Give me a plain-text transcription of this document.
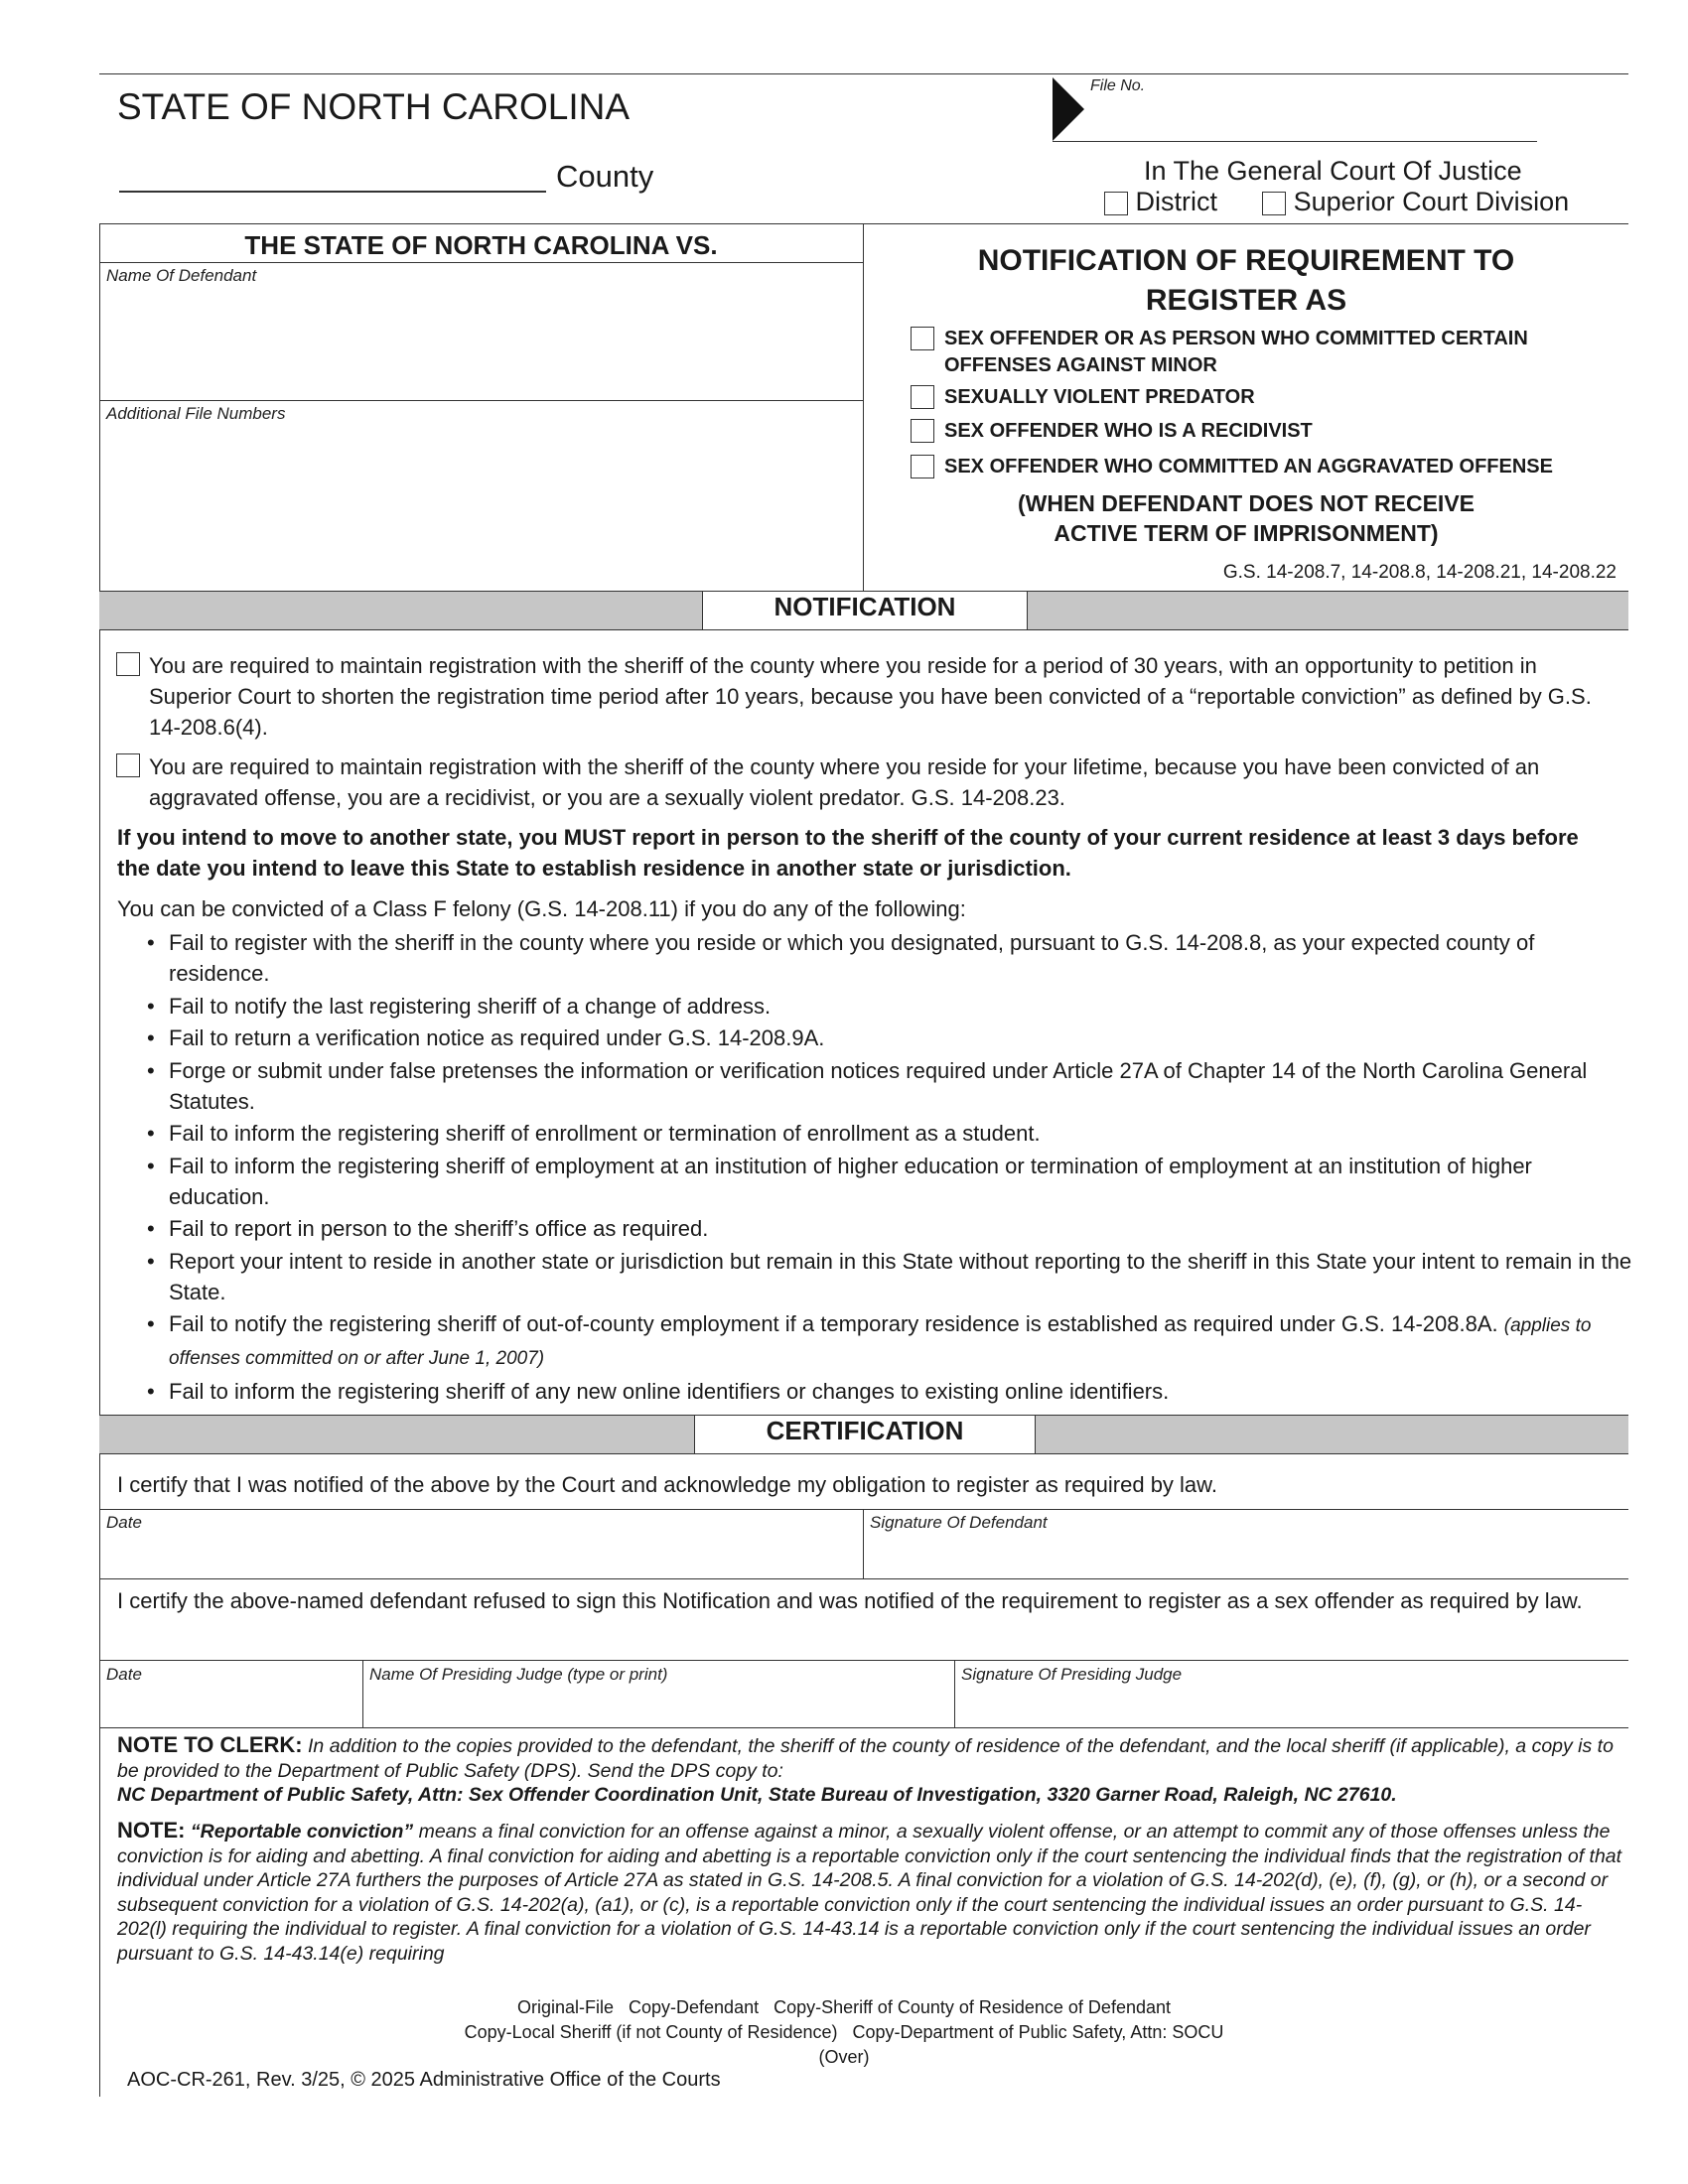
STATE OF NORTH CAROLINA
County
File No.
In The General Court Of Justice
District	Superior Court Division
THE STATE OF NORTH CAROLINA VS.
Name Of Defendant
Additional File Numbers
NOTIFICATION OF REQUIREMENT TO
REGISTER AS
SEX OFFENDER OR AS PERSON WHO COMMITTED CERTAIN
OFFENSES AGAINST MINOR
SEXUALLY VIOLENT PREDATOR
SEX OFFENDER WHO IS A RECIDIVIST
SEX OFFENDER WHO COMMITTED AN AGGRAVATED OFFENSE
(WHEN DEFENDANT DOES NOT RECEIVE
ACTIVE TERM OF IMPRISONMENT)
G.S. 14-208.7, 14-208.8, 14-208.21, 14-208.22
NOTIFICATION
You are required to maintain registration with the sheriff of the county where you reside for a period of 30 years, with an opportunity to petition in Superior Court to shorten the registration time period after 10 years, because you have been convicted of a “reportable conviction” as defined by G.S. 14-208.6(4).
You are required to maintain registration with the sheriff of the county where you reside for your lifetime, because you have been convicted of an aggravated offense, you are a recidivist, or you are a sexually violent predator. G.S. 14-208.23.
If you intend to move to another state, you MUST report in person to the sheriff of the county of your current residence at least 3 days before the date you intend to leave this State to establish residence in another state or jurisdiction.
You can be convicted of a Class F felony (G.S. 14-208.11) if you do any of the following:
• Fail to register with the sheriff in the county where you reside or which you designated, pursuant to G.S. 14-208.8, as your expected county of residence.
• Fail to notify the last registering sheriff of a change of address.
• Fail to return a verification notice as required under G.S. 14-208.9A.
• Forge or submit under false pretenses the information or verification notices required under Article 27A of Chapter 14 of the North Carolina General Statutes.
• Fail to inform the registering sheriff of enrollment or termination of enrollment as a student.
• Fail to inform the registering sheriff of employment at an institution of higher education or termination of employment at an institution of higher education.
• Fail to report in person to the sheriff’s office as required.
• Report your intent to reside in another state or jurisdiction but remain in this State without reporting to the sheriff in this State your intent to remain in the State.
• Fail to notify the registering sheriff of out-of-county employment if a temporary residence is established as required under G.S. 14-208.8A. (applies to offenses committed on or after June 1, 2007)
• Fail to inform the registering sheriff of any new online identifiers or changes to existing online identifiers.
CERTIFICATION
I certify that I was notified of the above by the Court and acknowledge my obligation to register as required by law.
Date	Signature Of Defendant
I certify the above-named defendant refused to sign this Notification and was notified of the requirement to register as a sex offender as required by law.
Date	Name Of Presiding Judge (type or print)	Signature Of Presiding Judge
NOTE TO CLERK: In addition to the copies provided to the defendant, the sheriff of the county of residence of the defendant, and the local sheriff (if applicable), a copy is to be provided to the Department of Public Safety (DPS). Send the DPS copy to:
NC Department of Public Safety, Attn: Sex Offender Coordination Unit, State Bureau of Investigation, 3320 Garner Road, Raleigh, NC 27610.
NOTE: “Reportable conviction” means a final conviction for an offense against a minor, a sexually violent offense, or an attempt to commit any of those offenses unless the conviction is for aiding and abetting. A final conviction for aiding and abetting is a reportable conviction only if the court sentencing the individual finds that the registration of that individual under Article 27A furthers the purposes of Article 27A as stated in G.S. 14-208.5. A final conviction for a violation of G.S. 14-202(d), (e), (f), (g), or (h), or a second or subsequent conviction for a violation of G.S. 14-202(a), (a1), or (c), is a reportable conviction only if the court sentencing the individual issues an order pursuant to G.S. 14-202(l) requiring the individual to register. A final conviction for a violation of G.S. 14-43.14 is a reportable conviction only if the court sentencing the individual issues an order pursuant to G.S. 14-43.14(e) requiring
Original-File   Copy-Defendant   Copy-Sheriff of County of Residence of Defendant
Copy-Local Sheriff (if not County of Residence)   Copy-Department of Public Safety, Attn: SOCU
(Over)
AOC-CR-261, Rev. 3/25, © 2025 Administrative Office of the Courts
